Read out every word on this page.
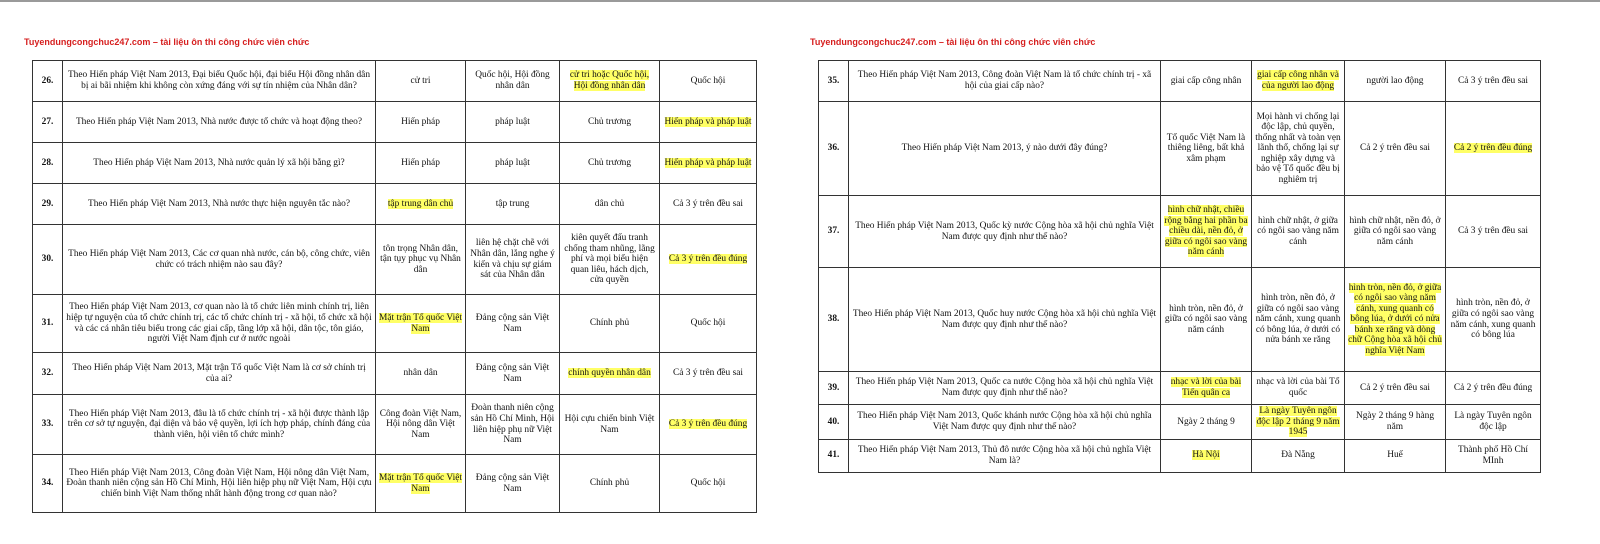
Tuyendungcongchuc247.com – tài liệu ôn thi công chức viên chức
26.	Theo Hiến pháp Việt Nam 2013, Đại biểu Quốc hội, đại biểu Hội đồng nhân dân bị ai bãi nhiệm khi không còn xứng đáng với sự tín nhiệm của Nhân dân?	cử tri	Quốc hội, Hội đồng nhân dân	cử tri hoặc Quốc hội, Hội đồng nhân dân	Quốc hội
27.	Theo Hiến pháp Việt Nam 2013, Nhà nước được tổ chức và hoạt động theo?	Hiến pháp	pháp luật	Chủ trương	Hiến pháp và pháp luật
28.	Theo Hiến pháp Việt Nam 2013, Nhà nước quản lý xã hội bằng gì?	Hiến pháp	pháp luật	Chủ trương	Hiến pháp và pháp luật
29.	Theo Hiến pháp Việt Nam 2013, Nhà nước thực hiện nguyên tắc nào?	tập trung dân chủ	tập trung	dân chủ	Cả 3 ý trên đều sai
30.	Theo Hiến pháp Việt Nam 2013, Các cơ quan nhà nước, cán bộ, công chức, viên chức có trách nhiệm nào sau đây?	tôn trọng Nhân dân, tận tụy phục vụ Nhân dân	liên hệ chặt chẽ với Nhân dân, lắng nghe ý kiến và chịu sự giám sát của Nhân dân	kiên quyết đấu tranh chống tham nhũng, lãng phí và mọi biểu hiện quan liêu, hách dịch, cửa quyền	Cả 3 ý trên đều đúng
31.	Theo Hiến pháp Việt Nam 2013, cơ quan nào là tổ chức liên minh chính trị, liên hiệp tự nguyện của tổ chức chính trị, các tổ chức chính trị - xã hội, tổ chức xã hội và các cá nhân tiêu biểu trong các giai cấp, tầng lớp xã hội, dân tộc, tôn giáo, người Việt Nam định cư ở nước ngoài	Mặt trận Tổ quốc Việt Nam	Đảng cộng sản Việt Nam	Chính phủ	Quốc hội
32.	Theo Hiến pháp Việt Nam 2013, Mặt trận Tổ quốc Việt Nam là cơ sở chính trị của ai?	nhân dân	Đảng cộng sản Việt Nam	chính quyền nhân dân	Cả 3 ý trên đều sai
33.	Theo Hiến pháp Việt Nam 2013, đâu là tổ chức chính trị - xã hội được thành lập trên cơ sở tự nguyện, đại diện và bảo vệ quyền, lợi ích hợp pháp, chính đáng của thành viên, hội viên tổ chức mình?	Công đoàn Việt Nam, Hội nông dân Việt Nam	Đoàn thanh niên cộng sản Hồ Chí Minh, Hội liên hiệp phụ nữ Việt Nam	Hội cựu chiến binh Việt Nam	Cả 3 ý trên đều đúng
34.	Theo Hiến pháp Việt Nam 2013, Công đoàn Việt Nam, Hội nông dân Việt Nam, Đoàn thanh niên cộng sản Hồ Chí Minh, Hội liên hiệp phụ nữ Việt Nam, Hội cựu chiến binh Việt Nam thống nhất hành động trong cơ quan nào?	Mặt trận Tổ quốc Việt Nam	Đảng cộng sản Việt Nam	Chính phủ	Quốc hội
Tuyendungcongchuc247.com – tài liệu ôn thi công chức viên chức
35.	Theo Hiến pháp Việt Nam 2013, Công đoàn Việt Nam là tổ chức chính trị - xã hội của giai cấp nào?	giai cấp công nhân	giai cấp công nhân và của người lao động	người lao động	Cả 3 ý trên đều sai
36.	Theo Hiến pháp Việt Nam 2013, ý nào dưới đây đúng?	Tổ quốc Việt Nam là thiêng liêng, bất khả xâm phạm	Mọi hành vi chống lại độc lập, chủ quyền, thống nhất và toàn vẹn lãnh thổ, chống lại sự nghiệp xây dựng và bảo vệ Tổ quốc đều bị nghiêm trị	Cả 2 ý trên đều sai	Cả 2 ý trên đều đúng
37.	Theo Hiến pháp Việt Nam 2013, Quốc kỳ nước Cộng hòa xã hội chủ nghĩa Việt Nam được quy định như thế nào?	hình chữ nhật, chiều rộng bằng hai phần ba chiều dài, nền đỏ, ở giữa có ngôi sao vàng năm cánh	hình chữ nhật, ở giữa có ngôi sao vàng năm cánh	hình chữ nhật, nền đỏ, ở giữa có ngôi sao vàng năm cánh	Cả 3 ý trên đều sai
38.	Theo Hiến pháp Việt Nam 2013, Quốc huy nước Cộng hòa xã hội chủ nghĩa Việt Nam được quy định như thế nào?	hình tròn, nền đỏ, ở giữa có ngôi sao vàng năm cánh	hình tròn, nền đỏ, ở giữa có ngôi sao vàng năm cánh, xung quanh có bông lúa, ở dưới có nửa bánh xe răng	hình tròn, nền đỏ, ở giữa có ngôi sao vàng năm cánh, xung quanh có bông lúa, ở dưới có nửa bánh xe răng và dòng chữ Cộng hòa xã hội chủ nghĩa Việt Nam	hình tròn, nền đỏ, ở giữa có ngôi sao vàng năm cánh, xung quanh có bông lúa
39.	Theo Hiến pháp Việt Nam 2013, Quốc ca nước Cộng hòa xã hội chủ nghĩa Việt Nam được quy định như thế nào?	nhạc và lời của bài Tiến quân ca	nhạc và lời của bài Tổ quốc	Cả 2 ý trên đều sai	Cả 2 ý trên đều đúng
40.	Theo Hiến pháp Việt Nam 2013, Quốc khánh nước Cộng hòa xã hội chủ nghĩa Việt Nam được quy định như thế nào?	Ngày 2 tháng 9	Là ngày Tuyên ngôn độc lập 2 tháng 9 năm 1945	Ngày 2 tháng 9 hàng năm	Là ngày Tuyên ngôn độc lập
41.	Theo Hiến pháp Việt Nam 2013, Thủ đô nước Cộng hòa xã hội chủ nghĩa Việt Nam là?	Hà Nội	Đà Nẵng	Huế	Thành phố Hồ Chí MInh
